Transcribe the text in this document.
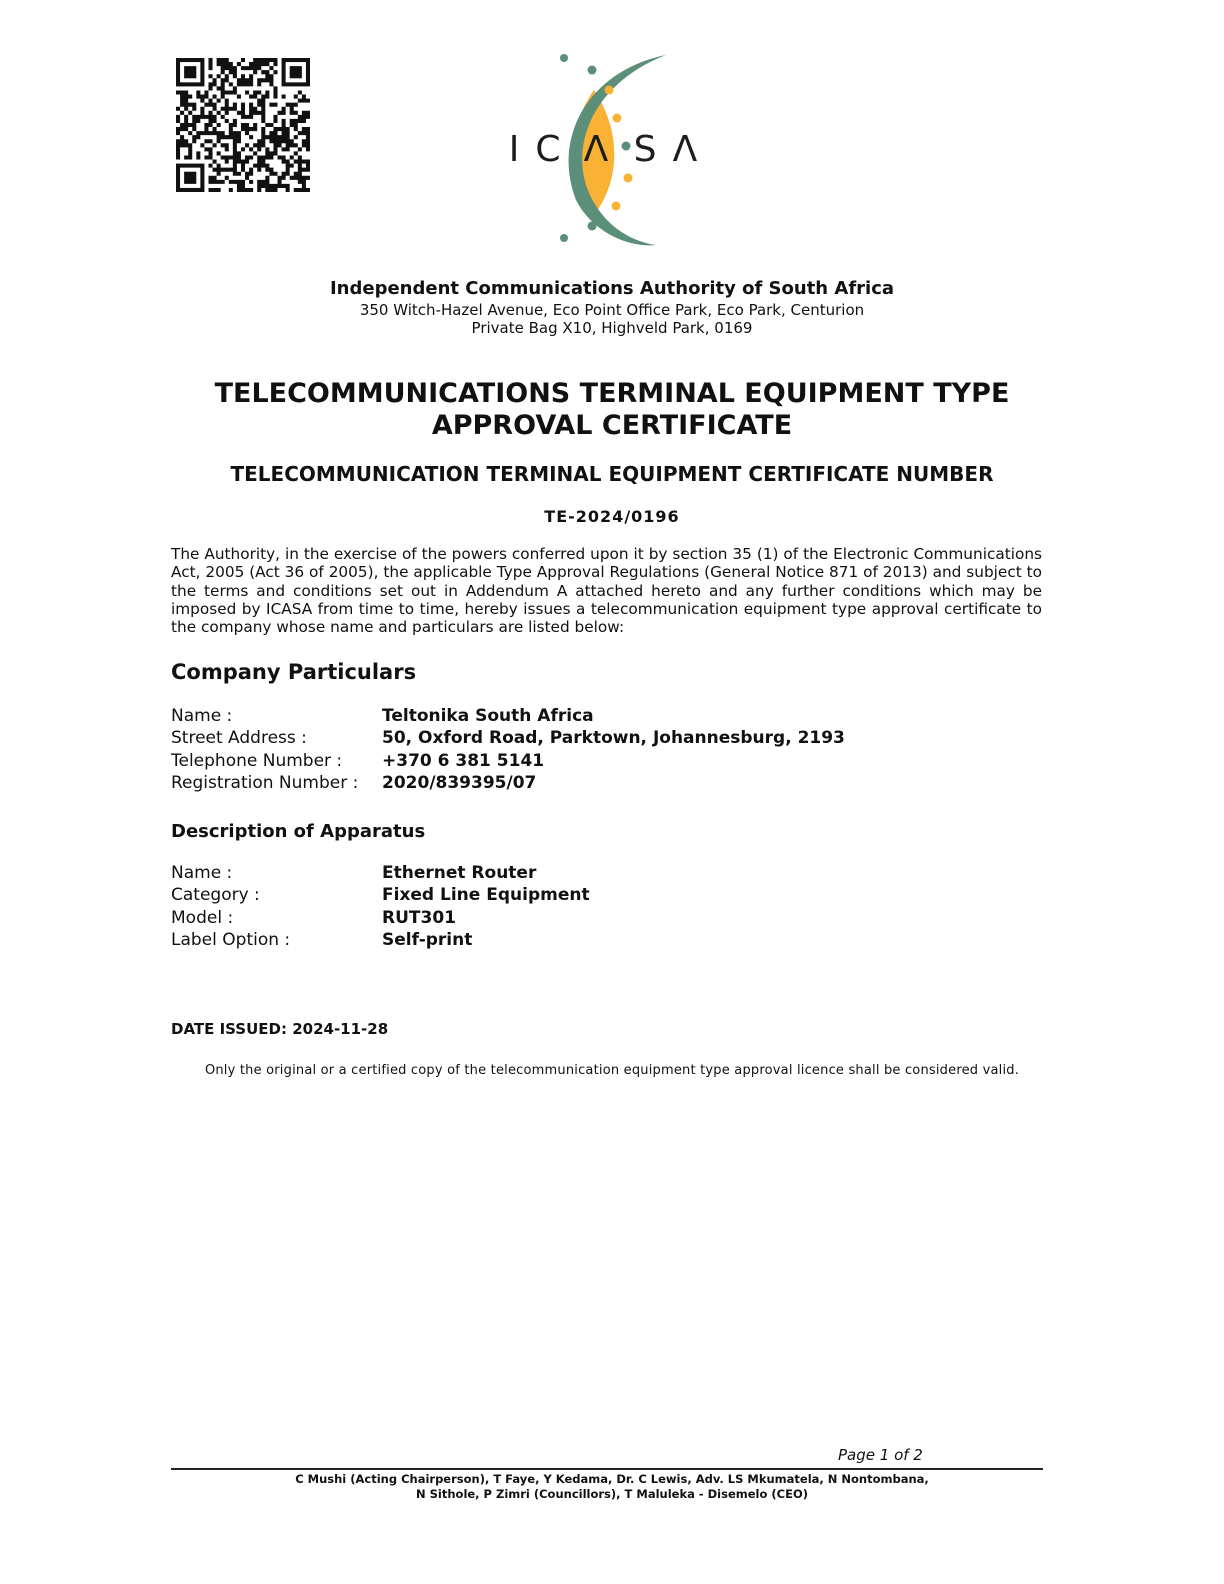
I C Λ S Λ
Independent Communications Authority of South Africa
350 Witch-Hazel Avenue, Eco Point Office Park, Eco Park, Centurion
Private Bag X10, Highveld Park, 0169
TELECOMMUNICATIONS TERMINAL EQUIPMENT TYPE
APPROVAL CERTIFICATE
TELECOMMUNICATION TERMINAL EQUIPMENT CERTIFICATE NUMBER
TE-2024/0196

The Authority, in the exercise of the powers conferred upon it by section 35 (1) of the Electronic Communications Act, 2005 (Act 36 of 2005), the applicable Type Approval Regulations (General Notice 871 of 2013) and subject to the terms and conditions set out in Addendum A attached hereto and any further conditions which may be imposed by ICASA from time to time, hereby issues a telecommunication equipment type approval certificate to the company whose name and particulars are listed below:

Company Particulars
Name :	Teltonika South Africa
Street Address :	50, Oxford Road, Parktown, Johannesburg, 2193
Telephone Number :	+370 6 381 5141
Registration Number :	2020/839395/07
Description of Apparatus
Name :	Ethernet Router
Category :	Fixed Line Equipment
Model :	RUT301
Label Option :	Self-print
DATE ISSUED: 2024-11-28
Only the original or a certified copy of the telecommunication equipment type approval licence shall be considered valid.
Page 1 of 2
C Mushi (Acting Chairperson), T Faye, Y Kedama, Dr. C Lewis, Adv. LS Mkumatela, N Nontombana,
N Sithole, P Zimri (Councillors), T Maluleka - Disemelo (CEO)
